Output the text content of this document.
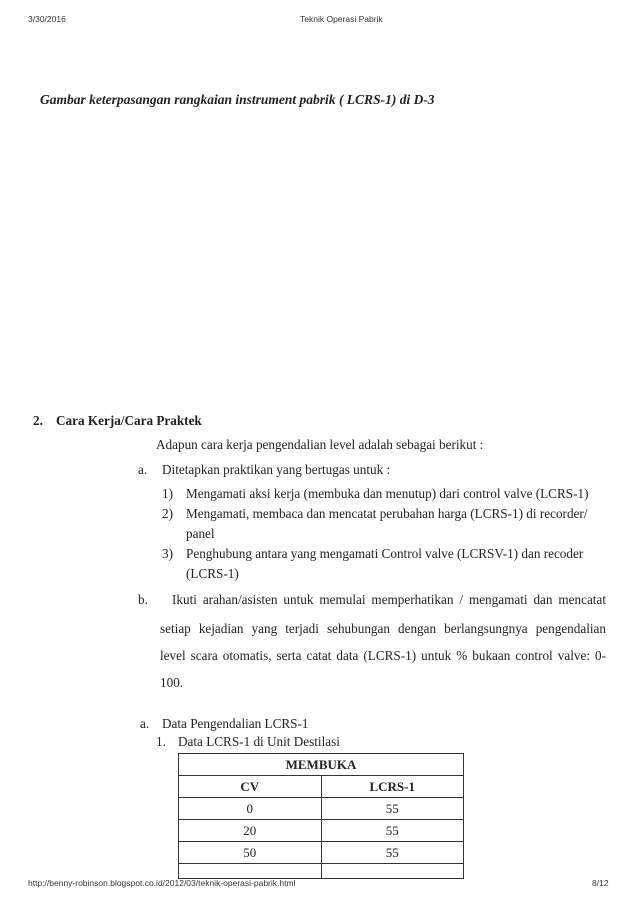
3/30/2016	Teknik Operasi Pabrik
Gambar keterpasangan rangkaian instrument pabrik ( LCRS-1) di D-3
2. Cara Kerja/Cara Praktek
Adapun cara kerja pengendalian level adalah sebagai berikut :
a. Ditetapkan praktikan yang bertugas untuk :
1) Mengamati aksi kerja (membuka dan menutup) dari control valve (LCRS-1)
2) Mengamati, membaca dan mencatat perubahan harga (LCRS-1) di recorder/
panel
3) Penghubung antara yang mengamati Control valve (LCRSV-1) dan recoder
(LCRS-1)
b.	Ikuti arahan/asisten untuk memulai memperhatikan / mengamati dan mencatat
setiap kejadian yang terjadi sehubungan dengan berlangsungnya pengendalian
level scara otomatis, serta catat data (LCRS-1) untuk % bukaan control valve: 0-
100.
a. Data Pengendalian LCRS-1
1. Data LCRS-1 di Unit Destilasi
MEMBUKA	
CV	LCRS-1
0	55
20	55
50	55

http://benny-robinson.blogspot.co.id/2012/03/teknik-operasi-pabrik.html	8/12
